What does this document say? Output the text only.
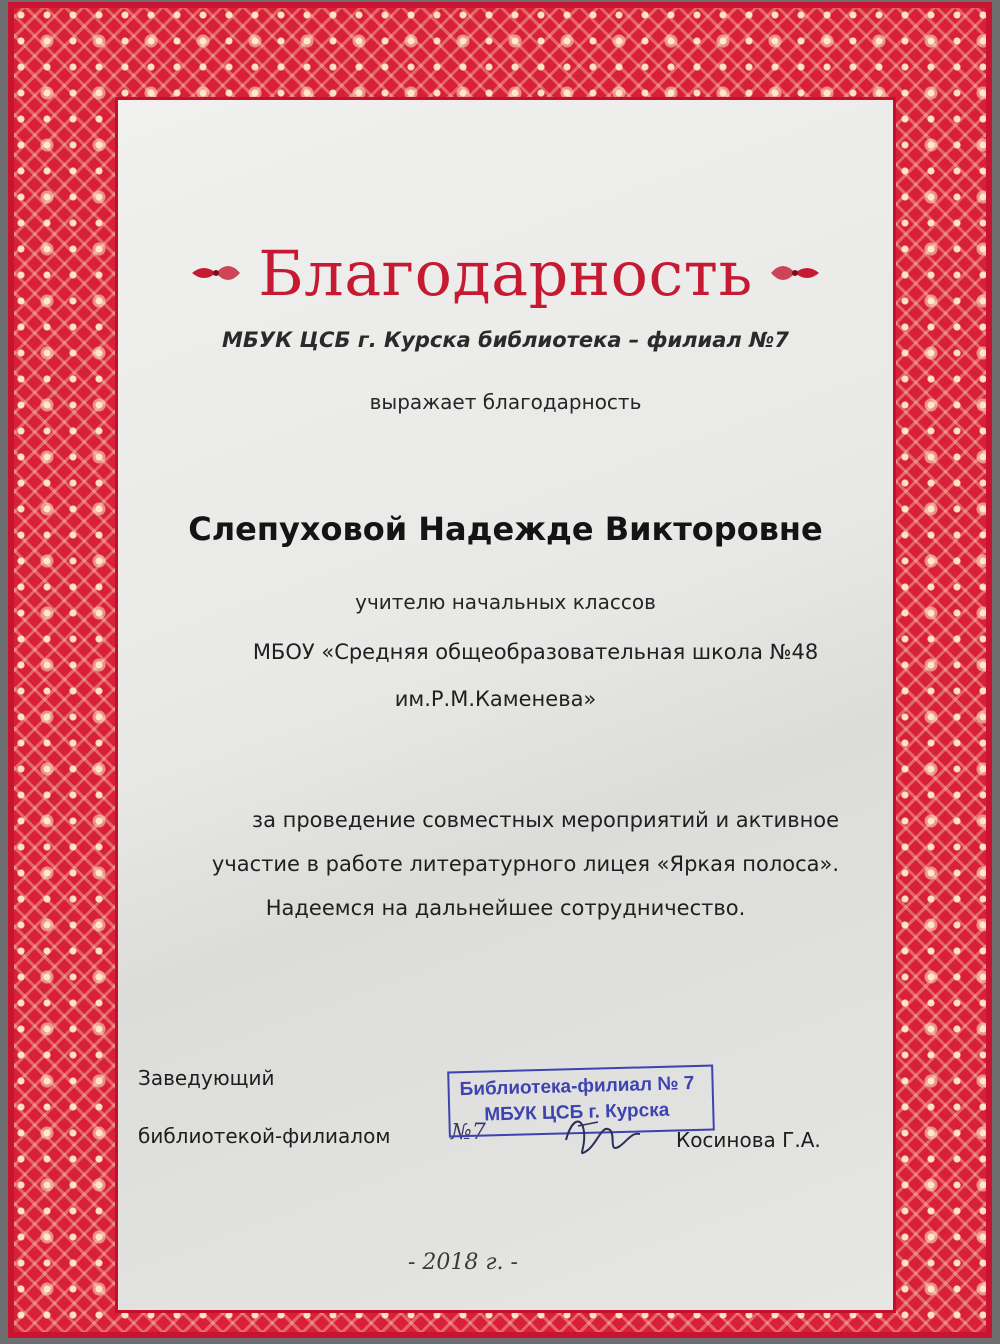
Благодарность
МБУК ЦСБ г. Курска библиотека – филиал №7
выражает благодарность
Слепуховой Надежде Викторовне
учителю начальных классов
МБОУ «Средняя общеобразовательная школа №48
им.Р.М.Каменева»
за проведение совместных мероприятий и активное
участие в работе литературного лицея «Яркая полоса».
Надеемся на дальнейшее сотрудничество.
Заведующий
библиотекой-филиалом	№7
Библиотека-филиал № 7
МБУК ЦСБ г. Курска
Косинова Г.А.
- 2018 г. -
